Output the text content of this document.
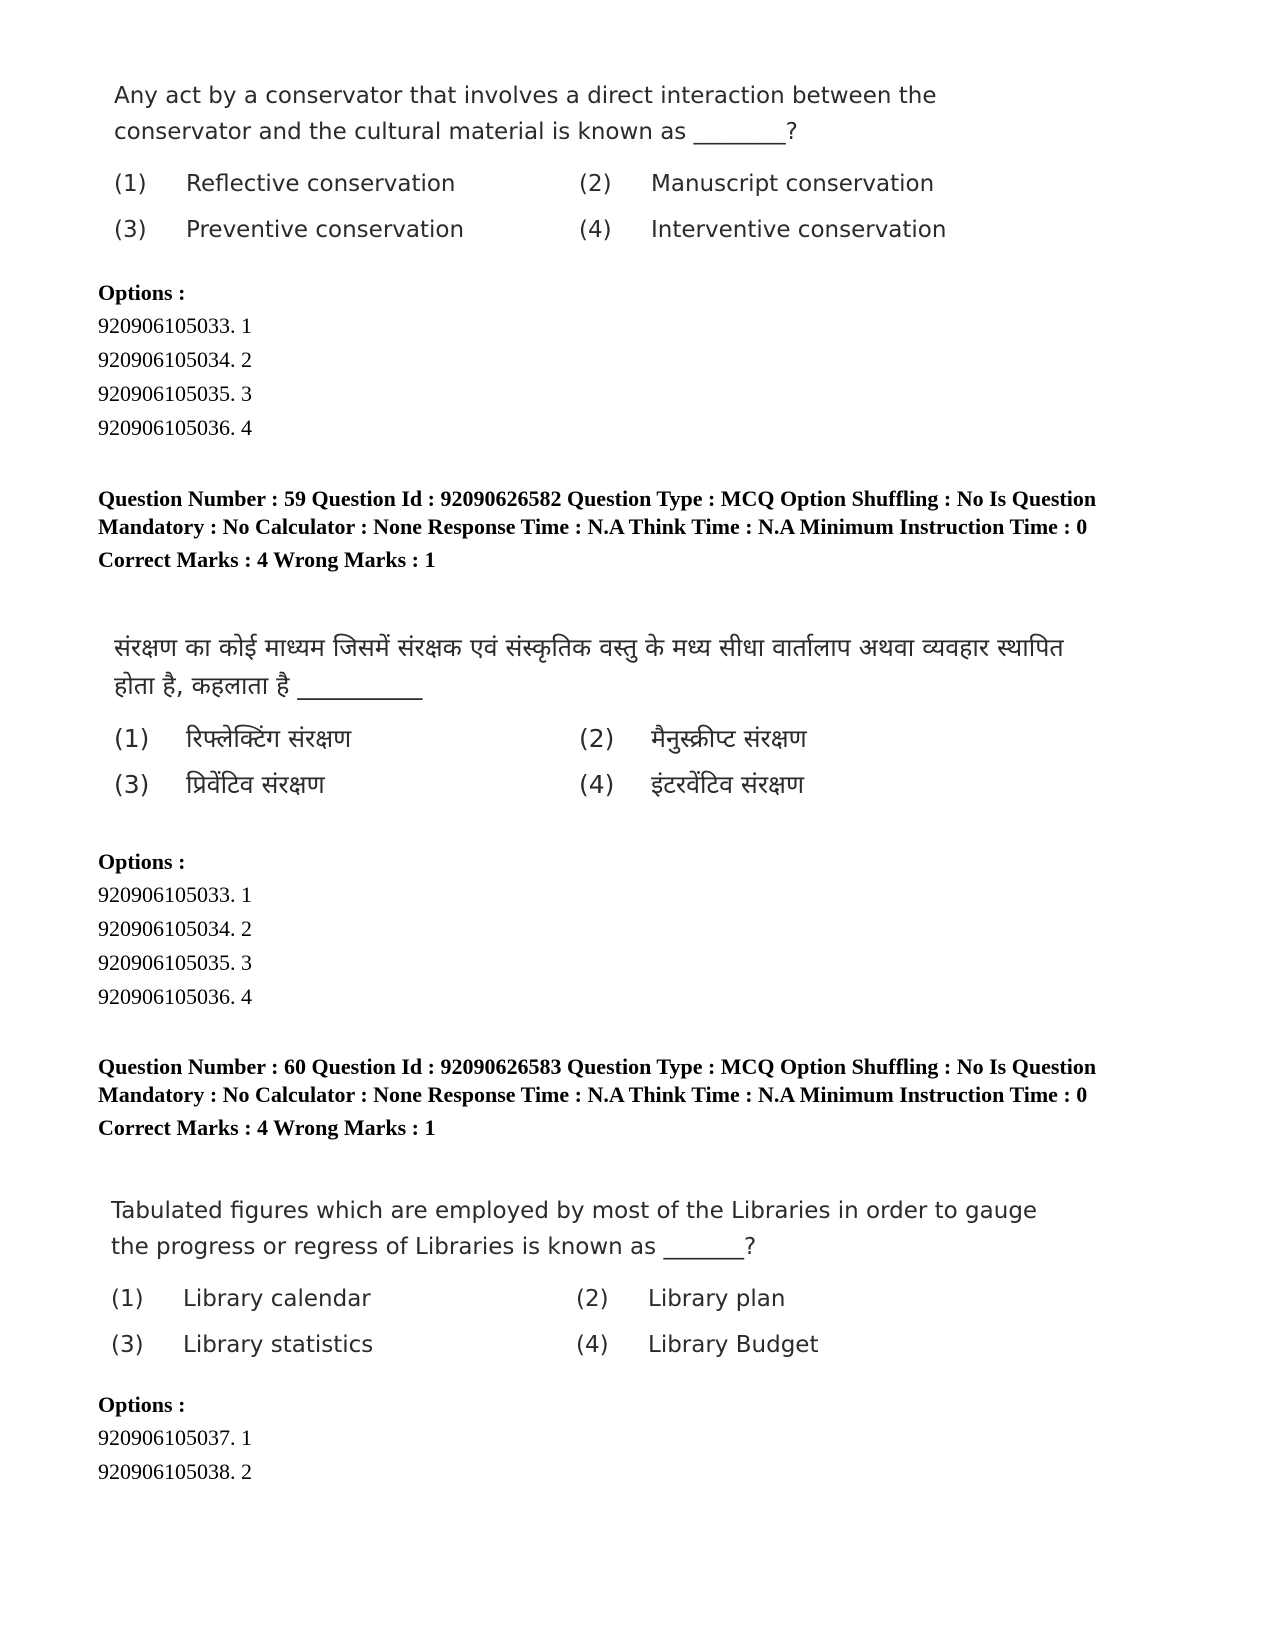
Any act by a conservator that involves a direct interaction between the conservator and the cultural material is known as ________?

(1)	Reflective conservation	(2)	Manuscript conservation
(3)	Preventive conservation	(4)	Interventive conservation
Options :
920906105033. 1
920906105034. 2
920906105035. 3
920906105036. 4
Question Number : 59 Question Id : 92090626582 Question Type : MCQ Option Shuffling : No Is Question Mandatory : No Calculator : None Response Time : N.A Think Time : N.A Minimum Instruction Time : 0
Correct Marks : 4 Wrong Marks : 1

संरक्षण का कोई माध्यम जिसमें संरक्षक एवं संस्कृतिक वस्तु के मध्य सीधा वार्तालाप अथवा व्यवहार स्थापित होता है, कहलाता है __________

(1)	रिफ्लेक्टिंग संरक्षण	(2)	मैनुस्क्रीप्ट संरक्षण
(3)	प्रिवेंटिव संरक्षण	(4)	इंटरवेंटिव संरक्षण
Options :
920906105033. 1
920906105034. 2
920906105035. 3
920906105036. 4
Question Number : 60 Question Id : 92090626583 Question Type : MCQ Option Shuffling : No Is Question Mandatory : No Calculator : None Response Time : N.A Think Time : N.A Minimum Instruction Time : 0
Correct Marks : 4 Wrong Marks : 1

Tabulated figures which are employed by most of the Libraries in order to gauge the progress or regress of Libraries is known as _______?

(1)	Library calendar	(2)	Library plan
(3)	Library statistics	(4)	Library Budget
Options :
920906105037. 1
920906105038. 2
